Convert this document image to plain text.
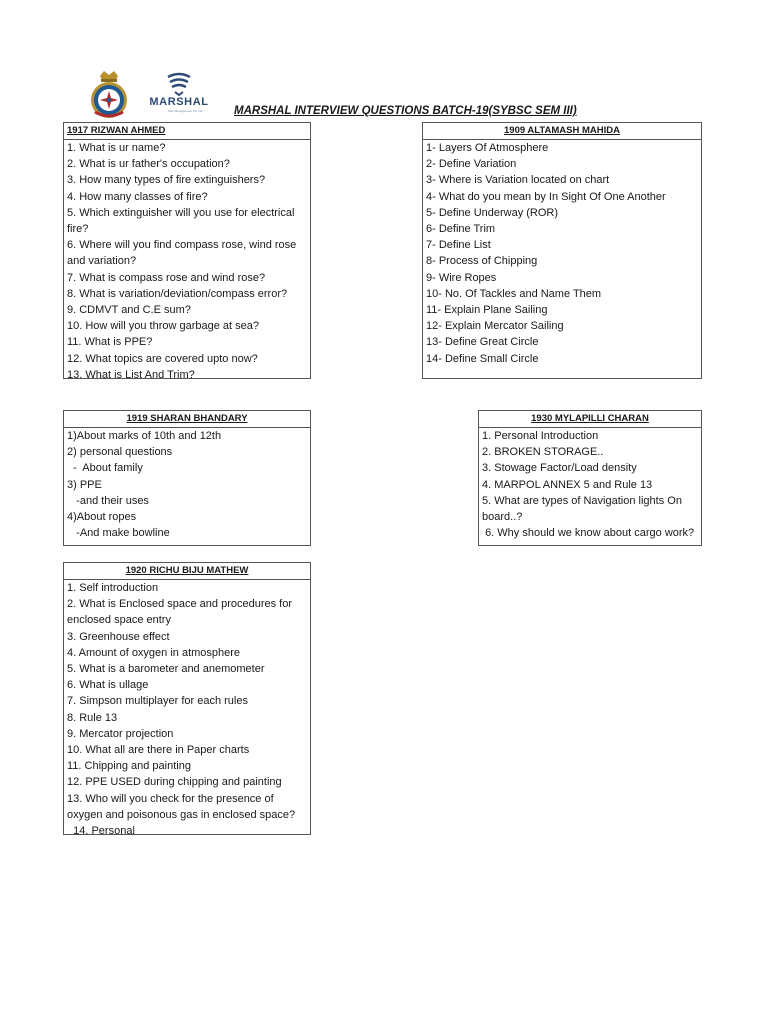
MARSHAL
Ship Management Pvt Ltd	MARSHAL INTERVIEW QUESTIONS BATCH-19(SYBSC SEM III)
1917 RIZWAN AHMED
1. What is ur name?
2. What is ur father's occupation?
3. How many types of fire extinguishers?
4. How many classes of fire?
5. Which extinguisher will you use for electrical fire?
6. Where will you find compass rose, wind rose and variation?
7. What is compass rose and wind rose?
8. What is variation/deviation/compass error?
9. CDMVT and C.E sum?
10. How will you throw garbage at sea?
11. What is PPE?
12. What topics are covered upto now?
13. What is List And Trim?
1909 ALTAMASH MAHIDA
1- Layers Of Atmosphere
2- Define Variation
3- Where is Variation located on chart
4- What do you mean by In Sight Of One Another
5- Define Underway (ROR)
6- Define Trim
7- Define List
8- Process of Chipping
9- Wire Ropes
10- No. Of Tackles and Name Them
11- Explain Plane Sailing
12- Explain Mercator Sailing
13- Define Great Circle
14- Define Small Circle
1919 SHARAN BHANDARY
1)About marks of 10th and 12th
2) personal questions
-  About family
3) PPE
-and their uses
4)About ropes
-And make bowline
1930 MYLAPILLI CHARAN
1. Personal Introduction
2. BROKEN STORAGE..
3. Stowage Factor/Load density
4. MARPOL ANNEX 5 and Rule 13
5. What are types of Navigation lights On board..?
6. Why should we know about cargo work?
1920 RICHU BIJU MATHEW
1. Self introduction
2. What is Enclosed space and procedures for enclosed space entry
3. Greenhouse effect
4. Amount of oxygen in atmosphere
5. What is a barometer and anemometer
6. What is ullage
7. Simpson multiplayer for each rules
8. Rule 13
9. Mercator projection
10. What all are there in Paper charts
11. Chipping and painting
12. PPE USED during chipping and painting
13. Who will you check for the presence of oxygen and poisonous gas in enclosed space?
14. Personal
